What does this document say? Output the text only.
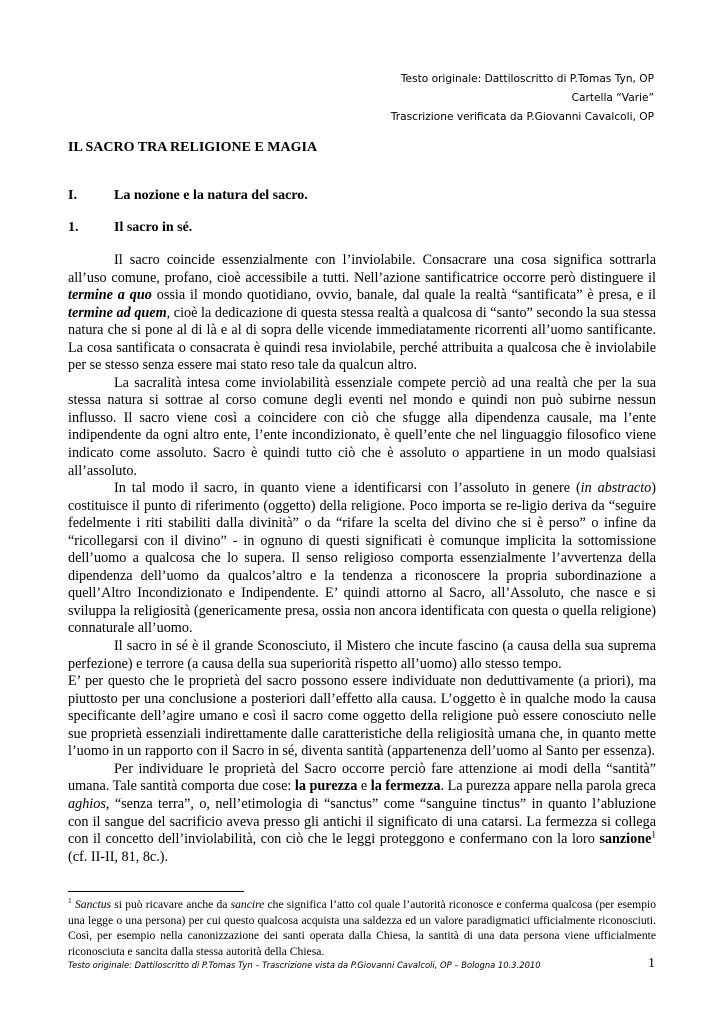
Testo originale: Dattiloscritto di P.Tomas Tyn, OP
Cartella “Varie”
Trascrizione verificata da P.Giovanni Cavalcoli, OP
IL SACRO TRA RELIGIONE E MAGIA
I.	La nozione e la natura del sacro.
1.	Il sacro in sé.

Il sacro coincide essenzialmente con l’inviolabile. Consacrare una cosa significa sottrarla all’uso comune, profano, cioè accessibile a tutti. Nell’azione santificatrice occorre però distinguere il termine a quo ossia il mondo quotidiano, ovvio, banale, dal quale la realtà “santificata” è presa, e il termine ad quem, cioè la dedicazione di questa stessa realtà a qualcosa di “santo” secondo la sua stessa natura che si pone al di là e al di sopra delle vicende immediatamente ricorrenti all’uomo santificante. La cosa santificata o consacrata è quindi resa inviolabile, perché attribuita a qualcosa che è inviolabile per se stesso senza essere mai stato reso tale da qualcun altro.

La sacralità intesa come inviolabilità essenziale compete perciò ad una realtà che per la sua stessa natura si sottrae al corso comune degli eventi nel mondo e quindi non può subirne nessun influsso. Il sacro viene così a coincidere con ciò che sfugge alla dipendenza causale, ma l’ente indipendente da ogni altro ente, l’ente incondizionato, è quell’ente che nel linguaggio filosofico viene indicato come assoluto. Sacro è quindi tutto ciò che è assoluto o appartiene in un modo qualsiasi all’assoluto.

In tal modo il sacro, in quanto viene a identificarsi con l’assoluto in genere (in abstracto) costituisce il punto di riferimento (oggetto) della religione. Poco importa se re-ligio deriva da “seguire fedelmente i riti stabiliti dalla divinità” o da “rifare la scelta del divino che si è perso” o infine da “ricollegarsi con il divino” - in ognuno di questi significati è comunque implicita la sottomissione dell’uomo a qualcosa che lo supera. Il senso religioso comporta essenzialmente l’avvertenza della dipendenza dell’uomo da qualcos’altro e la tendenza a riconoscere la propria subordinazione a quell’Altro Incondizionato e Indipendente. E’ quindi attorno al Sacro, all’Assoluto, che nasce e si sviluppa la religiosità (genericamente presa, ossia non ancora identificata con questa o quella religione) connaturale all’uomo.

Il sacro in sé è il grande Sconosciuto, il Mistero che incute fascino (a causa della sua suprema perfezione) e terrore (a causa della sua superiorità rispetto all’uomo) allo stesso tempo.

E’ per questo che le proprietà del sacro possono essere individuate non deduttivamente (a priori), ma piuttosto per una conclusione a posteriori dall’effetto alla causa. L’oggetto è in qualche modo la causa specificante dell’agire umano e così il sacro come oggetto della religione può essere conosciuto nelle sue proprietà essenziali indirettamente dalle caratteristiche della religiosità umana che, in quanto mette l’uomo in un rapporto con il Sacro in sé, diventa santità (appartenenza dell’uomo al Santo per essenza).

Per individuare le proprietà del Sacro occorre perciò fare attenzione ai modi della “santità” umana. Tale santità comporta due cose: la purezza e la fermezza. La purezza appare nella parola greca aghios, “senza terra”, o, nell’etimologia di “sanctus” come “sanguine tinctus” in quanto l’abluzione con il sangue del sacrificio aveva presso gli antichi il significato di una catarsi. La fermezza si collega con il concetto dell’inviolabilità, con ciò che le leggi proteggono e confermano con la loro sanzione$^1$ (cf. II-II, 81, 8c.).

$^1$ Sanctus si può ricavare anche da sancire che significa l’atto col quale l’autorità riconosce e conferma qualcosa (per esempio una legge o una persona) per cui questo qualcosa acquista una saldezza ed un valore paradigmatici ufficialmente riconosciuti. Così, per esempio nella canonizzazione dei santi operata dalla Chiesa, la santità di una data persona viene ufficialmente riconosciuta e sancita dalla stessa autorità della Chiesa.
Testo originale: Dattiloscritto di P.Tomas Tyn – Trascrizione vista da P.Giovanni Cavalcoli, OP – Bologna 10.3.2010	1
